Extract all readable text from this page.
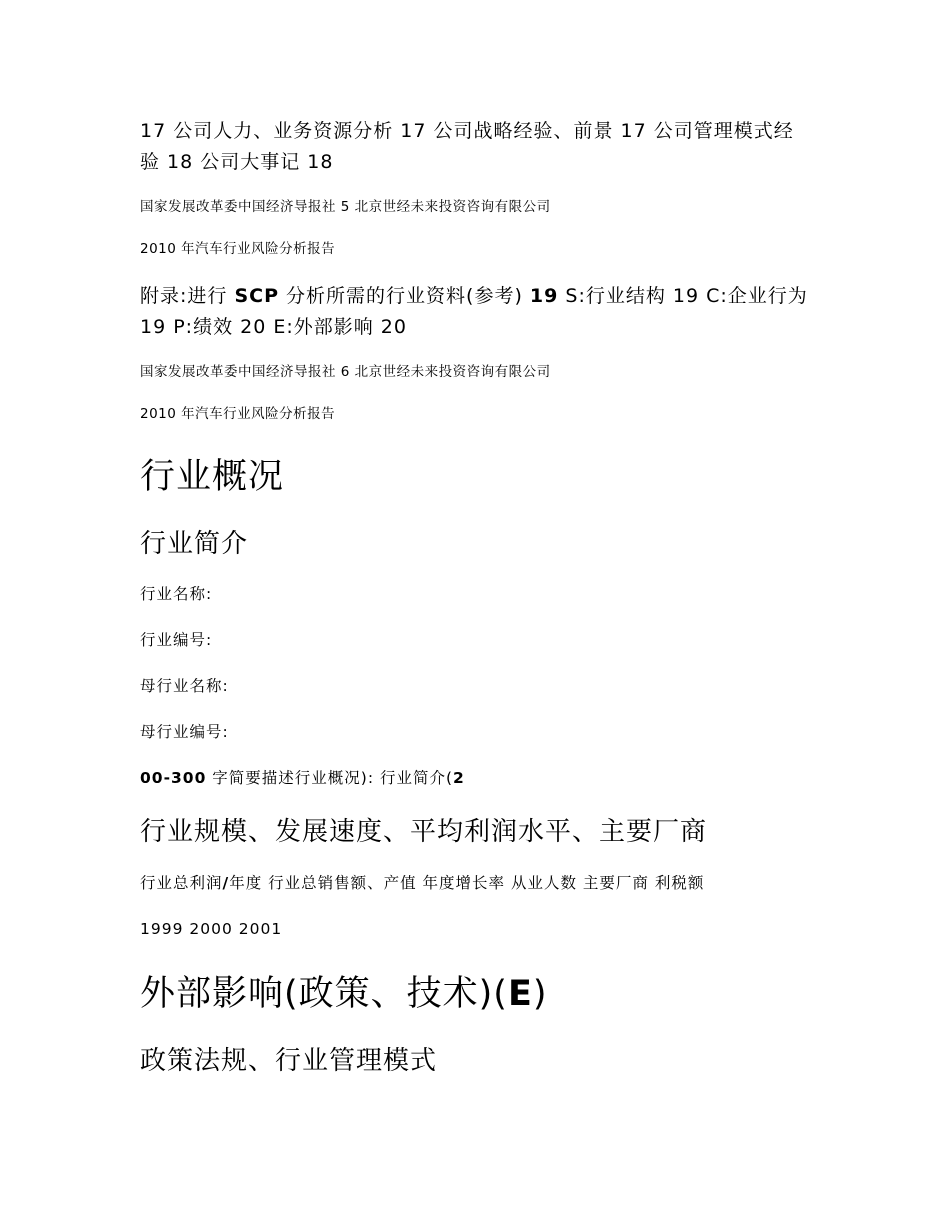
17 公司人力、业务资源分析 17 公司战略经验、前景 17 公司管理模式经验 18 公司大事记 18

国家发展改革委中国经济导报社 5 北京世经未来投资咨询有限公司

2010 年汽车行业风险分析报告

附录:进行 SCP 分析所需的行业资料(参考) 19 S:行业结构 19 C:企业行为 19 P:绩效 20 E:外部影响 20

国家发展改革委中国经济导报社 6 北京世经未来投资咨询有限公司

2010 年汽车行业风险分析报告

行业概况
行业简介

行业名称:

行业编号:

母行业名称:

母行业编号:

00-300 字简要描述行业概况): 行业简介(2

行业规模、发展速度、平均利润水平、主要厂商

行业总利润/年度 行业总销售额、产值 年度增长率 从业人数 主要厂商 利税额

1999 2000 2001

外部影响(政策、技术)(E)
政策法规、行业管理模式
